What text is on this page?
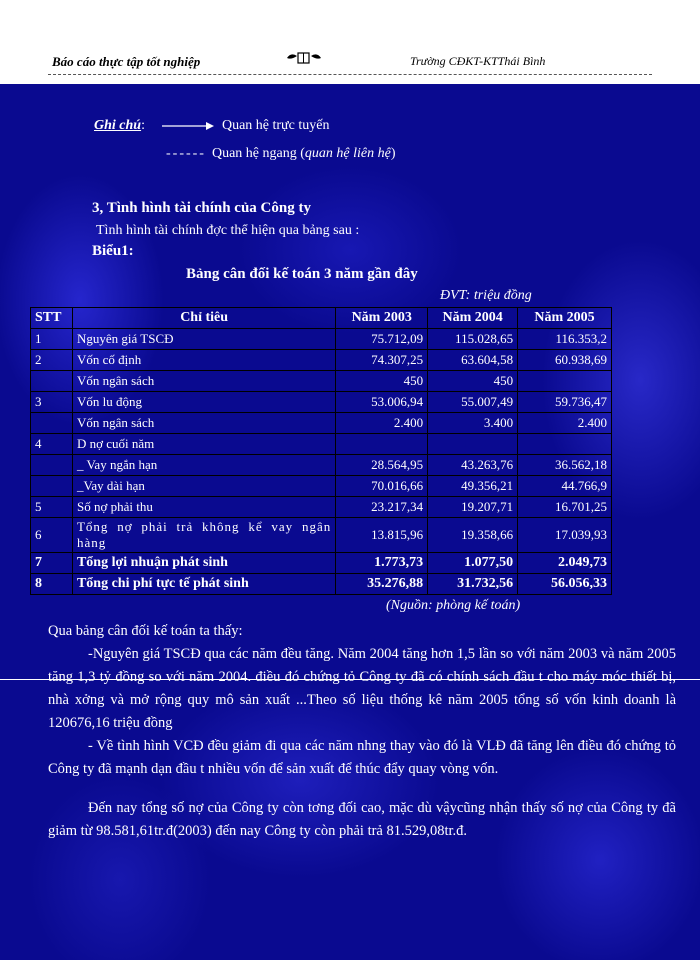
Báo cáo thực tập tốt nghiệp	Trường CĐKT-KTThái Bình
Ghi chú:	Quan hệ trực tuyến
------ Quan hệ ngang (quan hệ liên hệ)
3, Tình hình tài chính của Công ty
Tình hình tài chính đợc thể hiện qua bảng sau :
Biểu1:
Bảng cân đối kế toán 3 năm gần đây
ĐVT: triệu đồng
STT	Chỉ tiêu	Năm 2003	Năm 2004	Năm 2005
1	Nguyên giá TSCĐ	75.712,09	115.028,65	116.353,2
2	Vốn cố định	74.307,25	63.604,58	60.938,69
	Vốn ngân sách	450	450	
3	Vốn lu động	53.006,94	55.007,49	59.736,47
	Vốn ngân sách	2.400	3.400	2.400
4	D nợ cuối năm			
	_ Vay ngắn hạn	28.564,95	43.263,76	36.562,18
	_Vay dài hạn	70.016,66	49.356,21	44.766,9
5	Số nợ phải thu	23.217,34	19.207,71	16.701,25
6	Tổng nợ phải trả không kể vay ngân hàng	13.815,96	19.358,66	17.039,93
7	Tổng lợi nhuận phát sinh	1.773,73	1.077,50	2.049,73
8	Tổng chi phí tực tế phát sinh	35.276,88	31.732,56	56.056,33
(Nguồn: phòng kế toán)
Qua bảng cân đối kế toán ta thấy:
-Nguyên giá TSCĐ qua các năm đều tăng. Năm 2004 tăng hơn 1,5 lần so với năm 2003 và năm 2005 tăng 1,3 tỷ đồng so với năm 2004. điều đó chứng tỏ Công ty đã có chính sách đầu t cho máy móc thiết bị, nhà xởng và mở rộng quy mô sản xuất ...Theo số liệu thống kê năm 2005 tổng số vốn kinh doanh là 120676,16 triệu đồng
- Về tình hình VCĐ đều giảm đi qua các năm nhng thay vào đó là VLĐ đã tăng lên điều đó chứng tỏ Công ty đã mạnh dạn đầu t nhiều vốn để sản xuất để thúc đẩy quay vòng vốn.
Đến nay tổng số nợ của Công ty còn tơng đối cao, mặc dù vậycũng nhận thấy số nợ của Công ty đã giảm từ 98.581,61tr.đ(2003) đến nay Công ty còn phải trả 81.529,08tr.đ.
